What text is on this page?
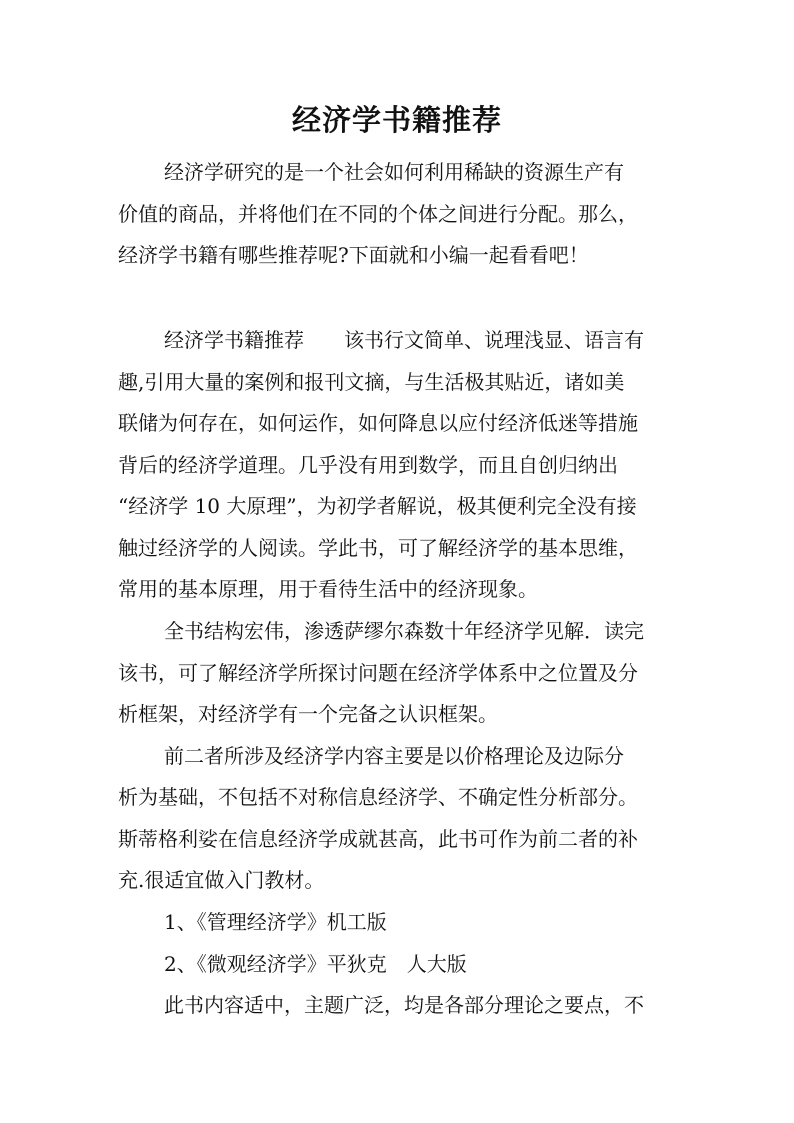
经济学书籍推荐
经济学研究的是一个社会如何利用稀缺的资源生产有
价值的商品，并将他们在不同的个体之间进行分配。那么，
经济学书籍有哪些推荐呢?下面就和小编一起看看吧！
经济学书籍推荐　　该书行文简单、说理浅显、语言有
趣,引用大量的案例和报刊文摘，与生活极其贴近，诸如美
联储为何存在，如何运作，如何降息以应付经济低迷等措施
背后的经济学道理。几乎没有用到数学，而且自创归纳出
“经济学 10 大原理”，为初学者解说，极其便利完全没有接
触过经济学的人阅读。学此书，可了解经济学的基本思维，
常用的基本原理，用于看待生活中的经济现象。
全书结构宏伟，渗透萨缪尔森数十年经济学见解．读完
该书，可了解经济学所探讨问题在经济学体系中之位置及分
析框架，对经济学有一个完备之认识框架。
前二者所涉及经济学内容主要是以价格理论及边际分
析为基础，不包括不对称信息经济学、不确定性分析部分。
斯蒂格利娑在信息经济学成就甚高，此书可作为前二者的补
充.很适宜做入门教材。
1、《管理经济学》机工版
2、《微观经济学》平狄克　人大版
此书内容适中，主题广泛，均是各部分理论之要点，不
